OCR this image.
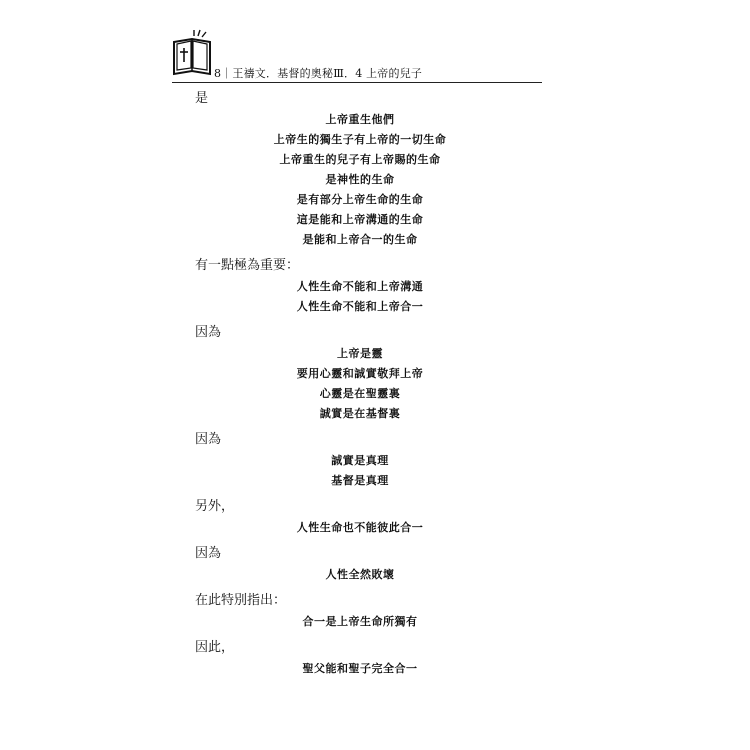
8｜王禱文．基督的奧秘Ⅲ．4 上帝的兒子
是
上帝重生他們
上帝生的獨生子有上帝的一切生命
上帝重生的兒子有上帝賜的生命
是神性的生命
是有部分上帝生命的生命
這是能和上帝溝通的生命
是能和上帝合一的生命
有一點極為重要：
人性生命不能和上帝溝通
人性生命不能和上帝合一
因為
上帝是靈
要用心靈和誠實敬拜上帝
心靈是在聖靈裏
誠實是在基督裏
因為
誠實是真理
基督是真理
另外，
人性生命也不能彼此合一
因為
人性全然敗壞
在此特別指出：
合一是上帝生命所獨有
因此，
聖父能和聖子完全合一
